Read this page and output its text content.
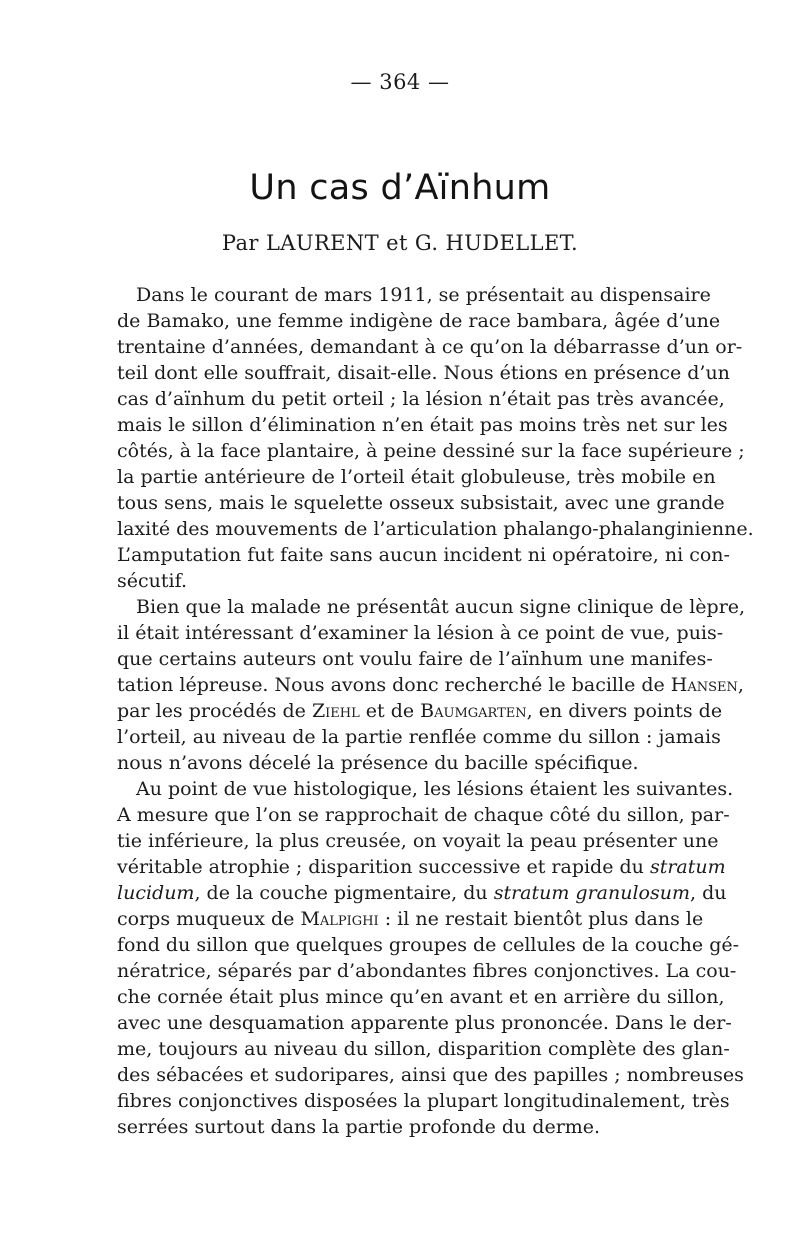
— 364 —
Un cas d’Aïnhum
Par LAURENT et G. HUDELLET.
Dans le courant de mars 1911, se présentait au dispensaire
de Bamako, une femme indigène de race bambara, âgée d’une
trentaine d’années, demandant à ce qu’on la débarrasse d’un or-
teil dont elle souffrait, disait-elle. Nous étions en présence d’un
cas d’aïnhum du petit orteil ; la lésion n’était pas très avancée,
mais le sillon d’élimination n’en était pas moins très net sur les
côtés, à la face plantaire, à peine dessiné sur la face supérieure ;
la partie antérieure de l’orteil était globuleuse, très mobile en
tous sens, mais le squelette osseux subsistait, avec une grande
laxité des mouvements de l’articulation phalango-phalanginienne.
L’amputation fut faite sans aucun incident ni opératoire, ni con-
sécutif.
Bien que la malade ne présentât aucun signe clinique de lèpre,
il était intéressant d’examiner la lésion à ce point de vue, puis-
que certains auteurs ont voulu faire de l’aïnhum une manifes-
tation lépreuse. Nous avons donc recherché le bacille de Hansen,
par les procédés de Ziehl et de Baumgarten, en divers points de
l’orteil, au niveau de la partie renflée comme du sillon : jamais
nous n’avons décelé la présence du bacille spécifique.
Au point de vue histologique, les lésions étaient les suivantes.
A mesure que l’on se rapprochait de chaque côté du sillon, par-
tie inférieure, la plus creusée, on voyait la peau présenter une
véritable atrophie ; disparition successive et rapide du stratum
lucidum, de la couche pigmentaire, du stratum granulosum, du
corps muqueux de Malpighi : il ne restait bientôt plus dans le
fond du sillon que quelques groupes de cellules de la couche gé-
nératrice, séparés par d’abondantes fibres conjonctives. La cou-
che cornée était plus mince qu’en avant et en arrière du sillon,
avec une desquamation apparente plus prononcée. Dans le der-
me, toujours au niveau du sillon, disparition complète des glan-
des sébacées et sudoripares, ainsi que des papilles ; nombreuses
fibres conjonctives disposées la plupart longitudinalement, très
serrées surtout dans la partie profonde du derme.
